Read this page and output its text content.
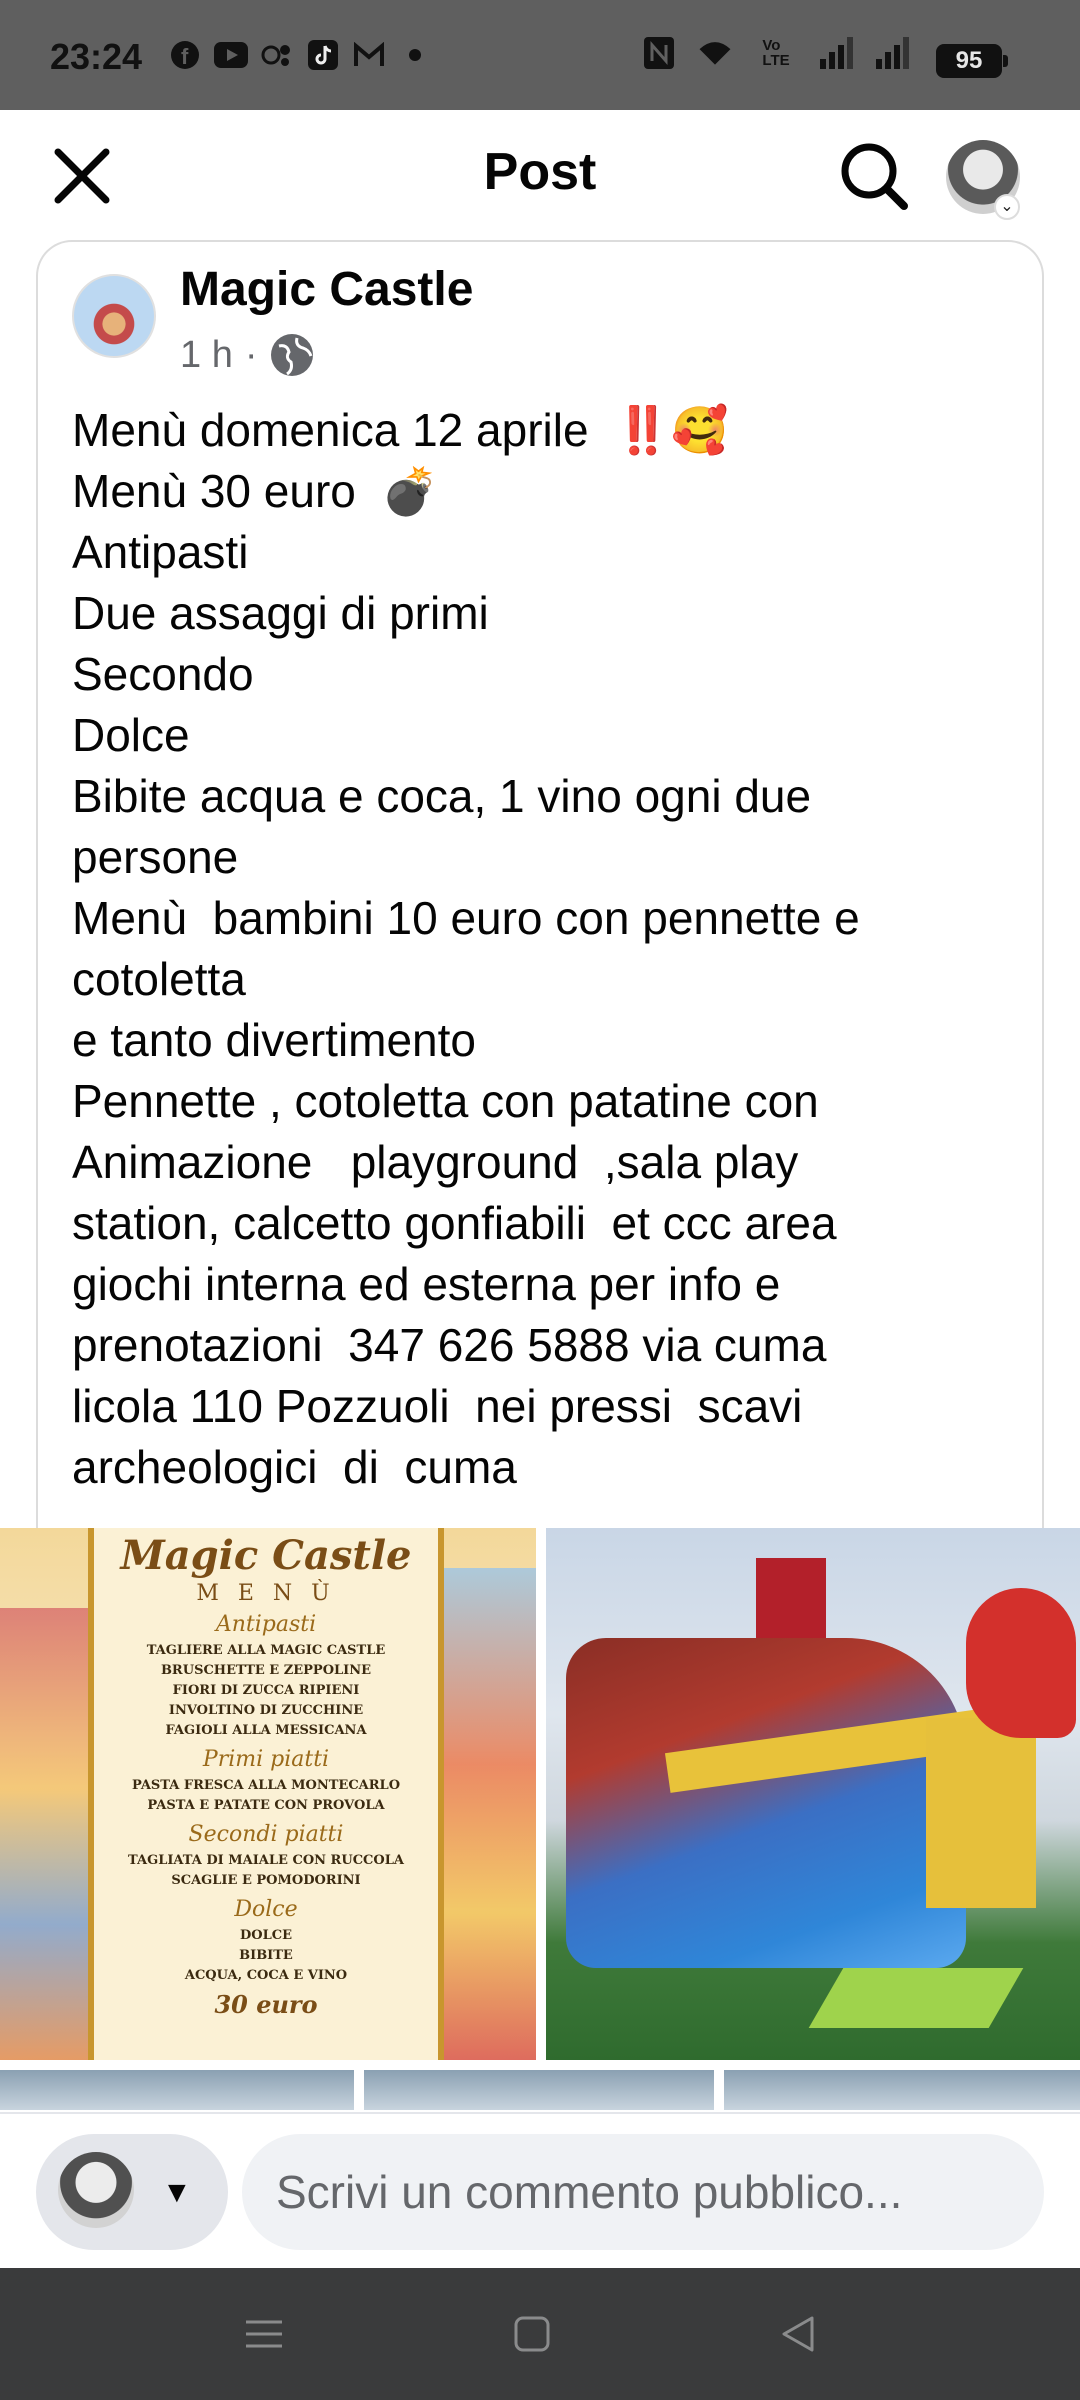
23:24 f	Vo
LTE	95
Post
⌄
Magic Castle
1 h ·
Menù domenica 12 aprile  ‼️🥰
Menù 30 euro  💣
Antipasti
Due assaggi di primi
Secondo
Dolce
Bibite acqua e coca, 1 vino ogni due
persone
Menù  bambini 10 euro con pennette e
cotoletta
e tanto divertimento
Pennette , cotoletta con patatine con
Animazione   playground  ,sala play
station, calcetto gonfiabili  et ccc area
giochi interna ed esterna per info e
prenotazioni  347 626 5888 via cuma
licola 110 Pozzuoli  nei pressi  scavi
archeologici  di  cuma
Magic Castle
M E N Ù
Antipasti
TAGLIERE ALLA MAGIC CASTLE
BRUSCHETTE E ZEPPOLINE
FIORI DI ZUCCA RIPIENI
INVOLTINO DI ZUCCHINE
FAGIOLI ALLA MESSICANA
Primi piatti
PASTA FRESCA ALLA MONTECARLO
PASTA E PATATE CON PROVOLA
Secondi piatti
TAGLIATA DI MAIALE CON RUCCOLA
SCAGLIE E POMODORINI
Dolce
DOLCE
BIBITE
ACQUA, COCA E VINO
30 euro
▼
Scrivi un commento pubblico...
